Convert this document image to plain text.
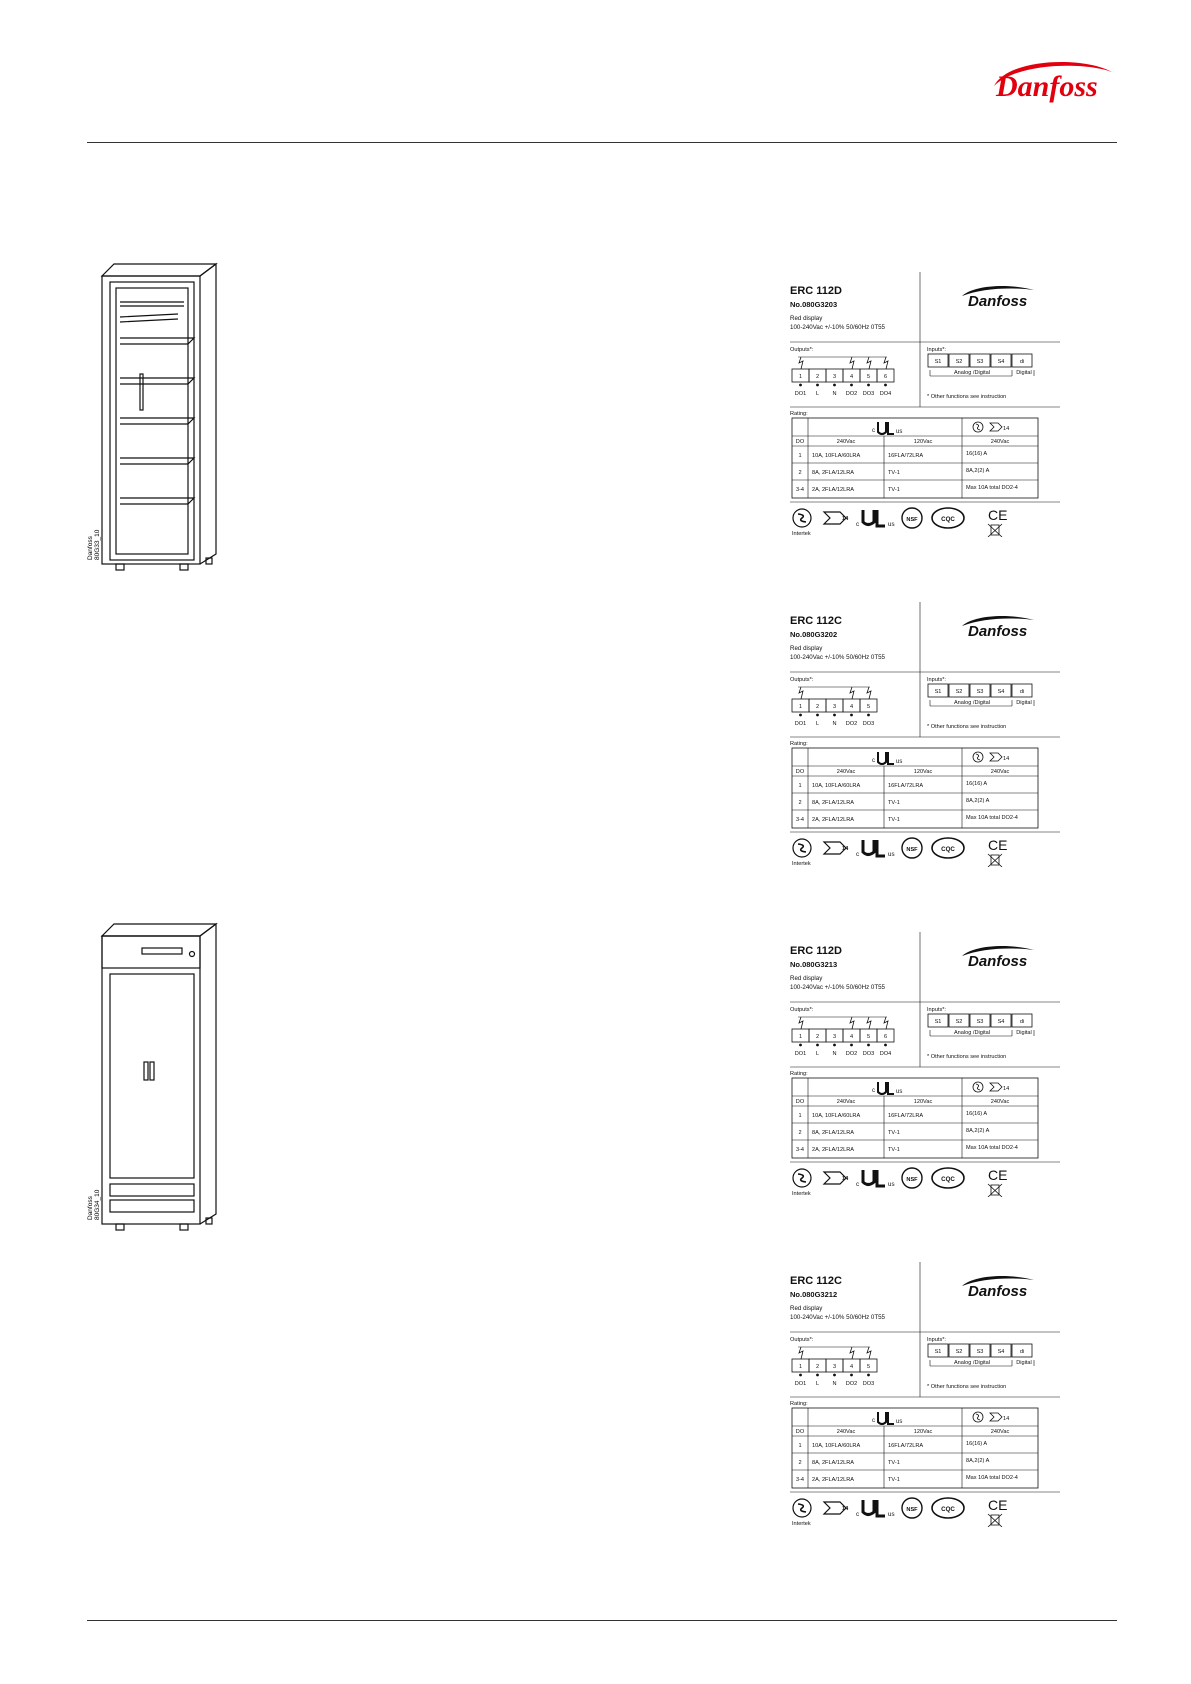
Danfoss
Danfoss 80G33_10
Danfoss 80G34_10
ERC 112D
No.080G3203
Red display
100-240Vac +/-10% 50/60Hz 0T55
Danfoss
Outputs*:
1
DO1
2
L
3
N
4
DO2
5
DO3
6
DO4
Inputs*:
S1	S2	S3	S4	di
Analog /Digital	Digital
* Other functions see instruction
Rating:
c	us	14
DO	240Vac	120Vac	240Vac
1 10A, 10FLA/60LRA	16FLA/72LRA	16(16) A
2 8A, 2FLA/12LRA	TV-1	8A,2(2) A
3-4 2A, 2FLA/12LRA	TV-1	Max 10A total DO2-4
Intertek
14
c	us
NSF	CQC CE
ERC 112C
No.080G3202
Red display
100-240Vac +/-10% 50/60Hz 0T55
Danfoss
Outputs*:
1
DO1
2
L
3
N
4
DO2
5
DO3
Inputs*:
S1	S2	S3	S4	di
Analog /Digital	Digital
* Other functions see instruction
Rating:
c	us	14
DO	240Vac	120Vac	240Vac
1 10A, 10FLA/60LRA	16FLA/72LRA	16(16) A
2 8A, 2FLA/12LRA	TV-1	8A,2(2) A
3-4 2A, 2FLA/12LRA	TV-1	Max 10A total DO2-4
Intertek
14
c	us
NSF	CQC CE
ERC 112D
No.080G3213
Red display
100-240Vac +/-10% 50/60Hz 0T55
Danfoss
Outputs*:
1
DO1
2
L
3
N
4
DO2
5
DO3
6
DO4
Inputs*:
S1	S2	S3	S4	di
Analog /Digital	Digital
* Other functions see instruction
Rating:
c	us	14
DO	240Vac	120Vac	240Vac
1 10A, 10FLA/60LRA	16FLA/72LRA	16(16) A
2 8A, 2FLA/12LRA	TV-1	8A,2(2) A
3-4 2A, 2FLA/12LRA	TV-1	Max 10A total DO2-4
Intertek
14
c	us
NSF	CQC CE
ERC 112C
No.080G3212
Red display
100-240Vac +/-10% 50/60Hz 0T55
Danfoss
Outputs*:
1
DO1
2
L
3
N
4
DO2
5
DO3
Inputs*:
S1	S2	S3	S4	di
Analog /Digital	Digital
* Other functions see instruction
Rating:
c	us	14
DO	240Vac	120Vac	240Vac
1 10A, 10FLA/60LRA	16FLA/72LRA	16(16) A
2 8A, 2FLA/12LRA	TV-1	8A,2(2) A
3-4 2A, 2FLA/12LRA	TV-1	Max 10A total DO2-4
Intertek
14
c	us
NSF	CQC CE
